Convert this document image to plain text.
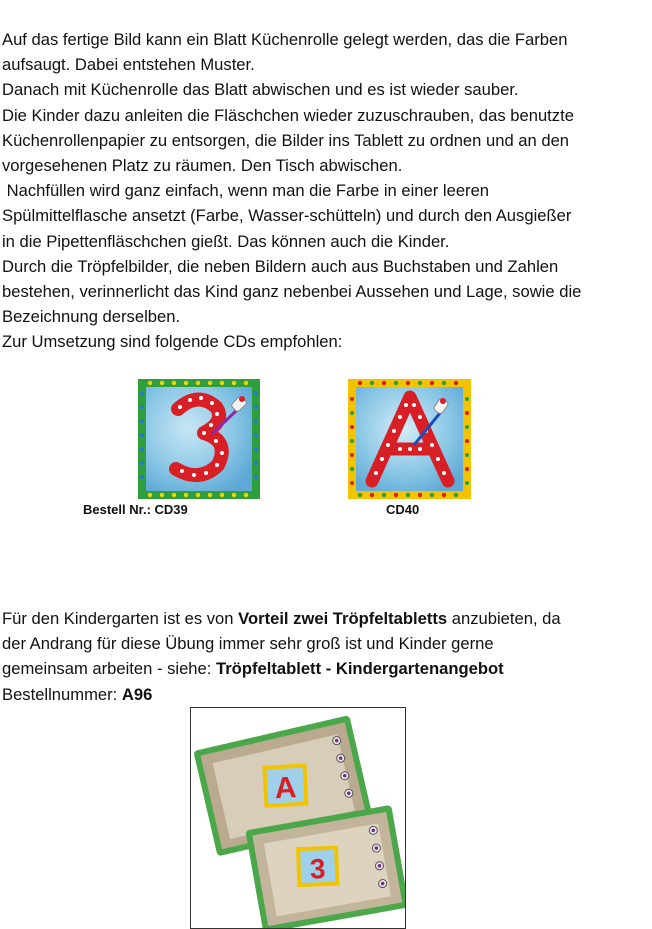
Auf das fertige Bild kann ein Blatt Küchenrolle gelegt werden, das die Farben
aufsaugt. Dabei entstehen Muster.
Danach mit Küchenrolle das Blatt abwischen und es ist wieder sauber.
Die Kinder dazu anleiten die Fläschchen wieder zuzuschrauben, das benutzte
Küchenrollenpapier zu entsorgen, die Bilder ins Tablett zu ordnen und an den
vorgesehenen Platz zu räumen. Den Tisch abwischen.
Nachfüllen wird ganz einfach, wenn man die Farbe in einer leeren
Spülmittelflasche ansetzt (Farbe, Wasser-schütteln) und durch den Ausgießer
in die Pipettenfläschchen gießt. Das können auch die Kinder.
Durch die Tröpfelbilder, die neben Bildern auch aus Buchstaben und Zahlen
bestehen, verinnerlicht das Kind ganz nebenbei Aussehen und Lage, sowie die
Bezeichnung derselben.
Zur Umsetzung sind folgende CDs empfohlen:
Bestell Nr.: CD39	CD40
Für den Kindergarten ist es von Vorteil zwei Tröpfeltabletts anzubieten, da
der Andrang für diese Übung immer sehr groß ist und Kinder gerne
gemeinsam arbeiten - siehe: Tröpfeltablett - Kindergartenangebot
Bestellnummer: A96
A
3
